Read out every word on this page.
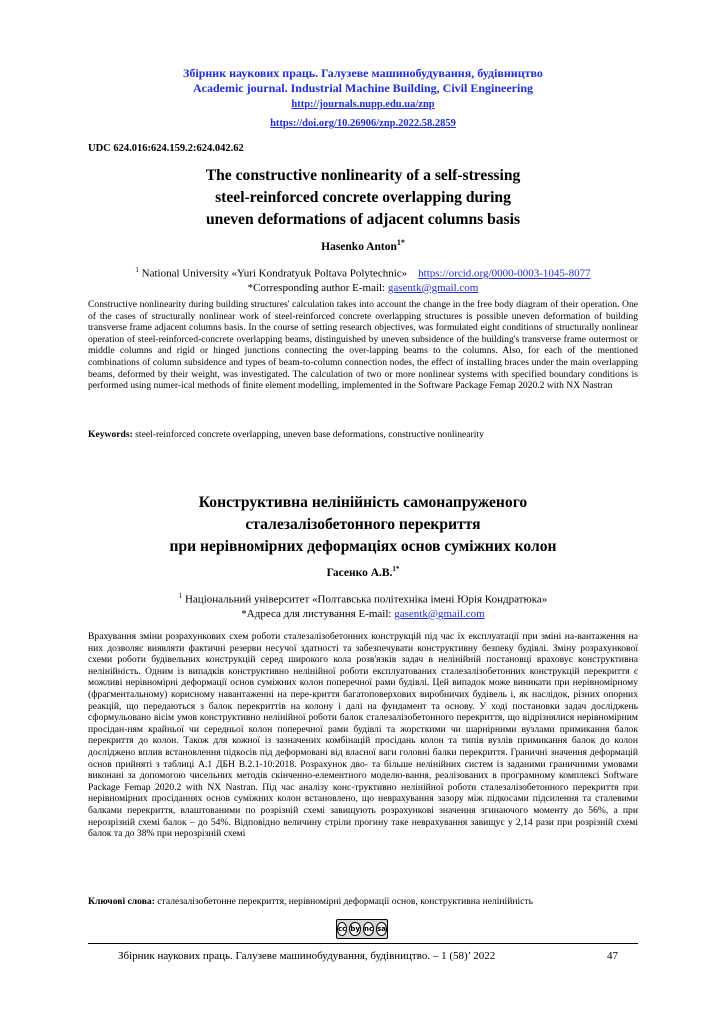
Збірник наукових праць. Галузеве машинобудування, будівництво
Academic journal. Industrial Machine Building, Civil Engineering
http://journals.nupp.edu.ua/znp
https://doi.org/10.26906/znp.2022.58.2859
UDC 624.016:624.159.2:624.042.62
The constructive nonlinearity of a self-stressing
steel-reinforced concrete overlapping during
uneven deformations of adjacent columns basis
Hasenko Anton$^{1*}$
$^1$ National University «Yuri Kondratyuk Poltava Polytechnic» https://orcid.org/0000-0003-1045-8077
*Corresponding author E-mail: gasentk@gmail.com

Constructive nonlinearity during building structures' calculation takes into account the change in the free body diagram of their operation. One of the cases of structurally nonlinear work of steel-reinforced concrete overlapping structures is possible uneven deformation of building transverse frame adjacent columns basis. In the course of setting research objectives, was formulated eight conditions of structurally nonlinear operation of steel-reinforced-concrete overlapping beams, distinguished by uneven subsidence of the building's transverse frame outermost or middle columns and rigid or hinged junctions connecting the over-lapping beams to the columns. Also, for each of the mentioned combinations of column subsidence and types of beam-to-column connection nodes, the effect of installing braces under the main overlapping beams, deformed by their weight, was investigated. The calculation of two or more nonlinear systems with specified boundary conditions is performed using numer-ical methods of finite element modelling, implemented in the Software Package Femap 2020.2 with NX Nastran

Keywords: steel-reinforced concrete overlapping, uneven base deformations, constructive nonlinearity
Конструктивна нелінійність самонапруженого
сталезалізобетонного перекриття
при нерівномірних деформаціях основ суміжних колон
Гасенко А.В.$^{1*}$
$^1$ Національний університет «Полтавська політехніка імені Юрія Кондратюка»
*Адреса для листування E-mail: gasentk@gmail.com

Врахування зміни розрахункових схем роботи сталезалізобетонних конструкцій під час їх експлуатації при зміні на-вантаження на них дозволяє виявляти фактичні резерви несучої здатності та забезпечувати конструктивну безпеку будівлі. Зміну розрахункової схеми роботи будівельних конструкцій серед широкого кола розв'язків задач в нелінійній постановці враховує конструктивна нелінійність. Одним із випадків конструктивно нелінійної роботи експлуатованих сталезалізобетонних конструкцій перекриття є можливі нерівномірні деформації основ суміжних колон поперечної рами будівлі. Цей випадок може виникати при нерівномірному (фрагментальному) корисному навантаженні на пере-криття багатоповерхових виробничих будівель і, як наслідок, різних опорних реакцій, що передаються з балок перекриттів на колону і далі на фундамент та основу. У ході постановки задач досліджень сформульовано вісім умов конструктивно нелінійної роботи балок сталезалізобетонного перекриття, що відрізнялися нерівномірним просідан-ням крайньої чи середньої колон поперечної рами будівлі та жорсткими чи шарнірними вузлами примикання балок перекриття до колон. Також для кожної із зазначених комбінацій просідань колон та типів вузлів примикання балок до колон досліджено вплив встановлення підкосів під деформовані від власної ваги головні балки перекриття. Граничні значення деформацій основ прийняті з таблиці А.1 ДБН В.2.1-10:2018. Розрахунок дво- та більше нелінійних систем із заданими граничними умовами виконані за допомогою чисельних методів скінченно-елементного моделю-вання, реалізованих в програмному комплексі Software Package Femap 2020.2 with NX Nastran. Під час аналізу конс-труктивно нелінійної роботи сталезалізобетонного перекриття при нерівномірних просіданнях основ суміжних колон встановлено, що неврахування зазору між підкосами підсилення та сталевими балками перекриття, влаштованими по розрізній схемі завищують розрахункові значення згинаючого моменту до 56%, а при нерозрізній схемі балок – до 54%. Відповідно величину стріли прогину таке неврахування завищує у 2,14 рази при розрізній схемі балок та до 38% при нерозрізній схемі

Ключові слова: сталезалізобетонне перекриття, нерівномірні деформації основ, конструктивна нелінійність
cc by nc sa
Збірник наукових праць. Галузеве машинобудування, будівництво. – 1 (58)’ 2022	47
